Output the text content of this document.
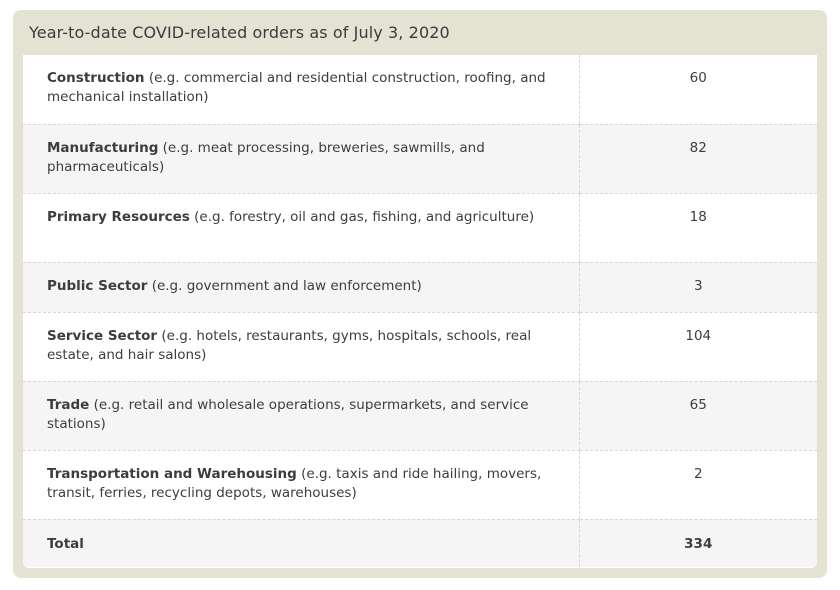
Year-to-date COVID-related orders as of July 3, 2020
Construction (e.g. commercial and residential construction, roofing, and mechanical installation)	60
Manufacturing (e.g. meat processing, breweries, sawmills, and pharmaceuticals)	82
Primary Resources (e.g. forestry, oil and gas, fishing, and agriculture)	18
Public Sector (e.g. government and law enforcement)	3
Service Sector (e.g. hotels, restaurants, gyms, hospitals, schools, real estate, and hair salons)	104
Trade (e.g. retail and wholesale operations, supermarkets, and service stations)	65
Transportation and Warehousing (e.g. taxis and ride hailing, movers, transit, ferries, recycling depots, warehouses)	2
Total	334
